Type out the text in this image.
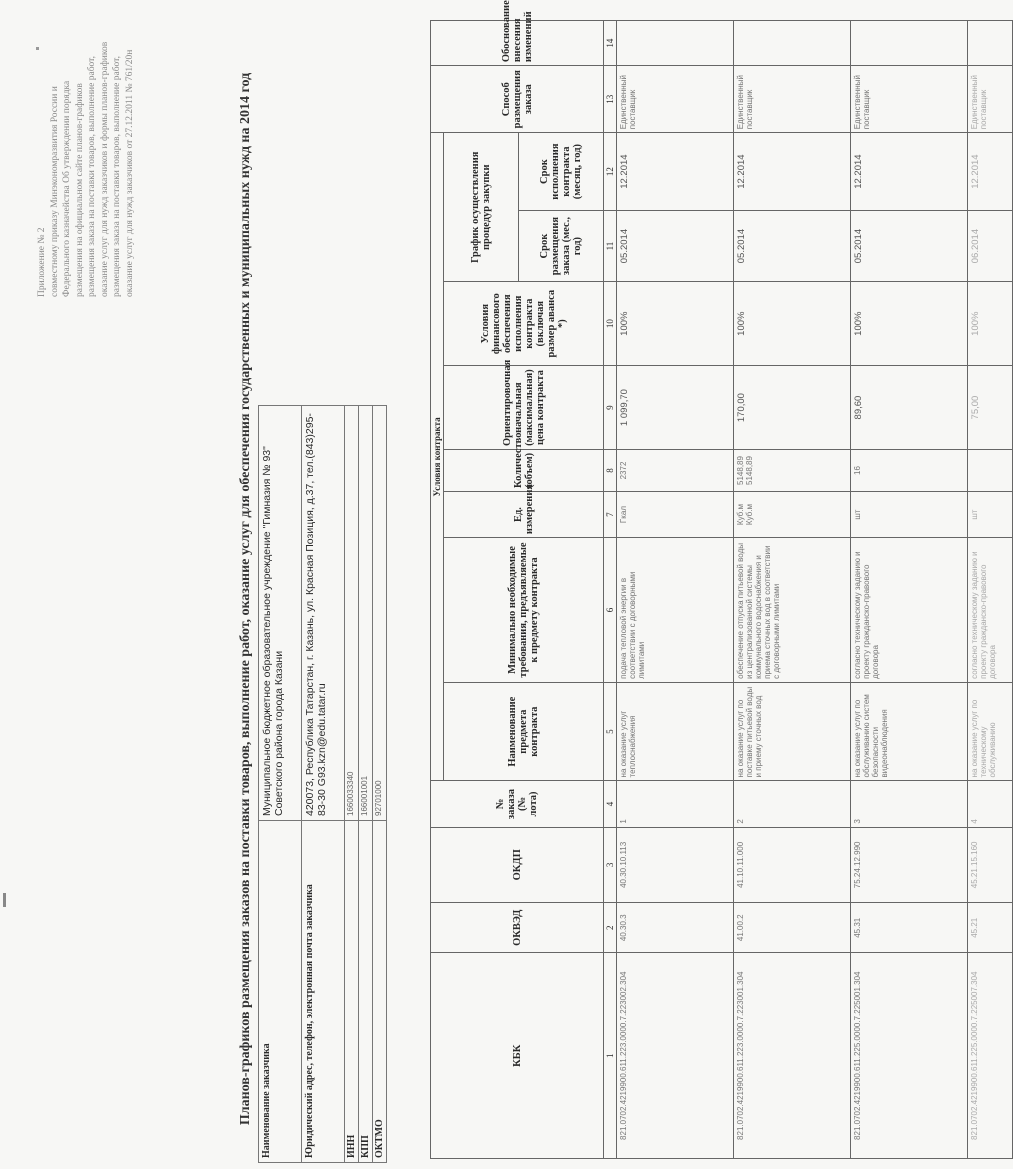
Приложение № 2 совместному приказу Минэкономразвития России и Федерального казначейства Об утверждении порядка размещения на официальном сайте планов-графиков размещения заказа на поставки товаров, выполнение работ, оказание услуг для нужд заказчиков и формы планов-графиков размещения заказа на поставки товаров, выполнение работ, оказание услуг для нужд заказчиков от 27.12.2011 № 761/20н	Планов-графиков размещения заказов на поставки товаров, выполнение работ, оказание услуг для обеспечения государственных и муниципальных нужд на 2014 год Наименование заказчика	Муниципальное бюджетное образовательное учреждение "Гимназия № 93" Советского района города Казани
Юридический адрес, телефон, электронная почта заказчика	420073, Республика Татарстан, г. Казань, ул. Красная Позиция, д.37, тел.(843)295-83-30 G93.kzn@edu.tatar.ru
ИНН	1660033340
КПП	166001001
ОКТМО	92701000
КБК	ОКВЭД	ОКДП	№ заказа (№ лота)	Условия контракта								Способ размещения заказа	Обоснование внесения изменений
				Наименование предмета контракта	Минимально необходимые требования, предъявляемые к предмету контракта	Ед. измерения	Количество (объем)	Ориентировочная начальная (максимальная) цена контракта	Условия финансового обеспечения исполнения контракта (включая размер аванса *)	График осуществления процедур закупки			
										Срок размещения заказа (мес., год)	Срок исполнения контракта (месяц, год)		
1	2	3	4	5	6	7	8	9	10	11	12	13	14
821.0702.4219900.611.223.0000.7.223002.304	40.30.3	40.30.10.113	1	на оказание услуг теплоснабжения	подача тепловой энергии в соответствии с договорными лимитами	Гкал	2372	1 099,70	100%	05.2014	12.2014	Единственный поставщик	
821.0702.4219900.611.223.0000.7.223001.304	41.00.2	41.10.11.000	2	на оказание услуг по поставке питьевой воды и приему сточных вод	обеспечение отпуска питьевой воды из централизованной системы коммунального водоснабжения и приема сточных вод в соответствии с договорными лимитами	Куб.м Куб.м	5148,89 5148,89	170,00	100%	05.2014	12.2014	Единственный поставщик	
821.0702.4219900.611.225.0000.7.225001.304	45.31	75.24.12.990	3	на оказание услуг по обслуживанию систем безопасности видеонаблюдения	согласно техническому заданию и проекту гражданско-правового договора	шт	16	89,60	100%	05.2014	12.2014	Единственный поставщик	
821.0702.4219900.611.225.0000.7.225007.304	45.21	45.21.15.160	4	на оказание услуг по техническому обслуживанию	согласно техническому заданию и проекту гражданско-правового договора	шт		75,00	100%	06.2014	12.2014	Единственный поставщик	
